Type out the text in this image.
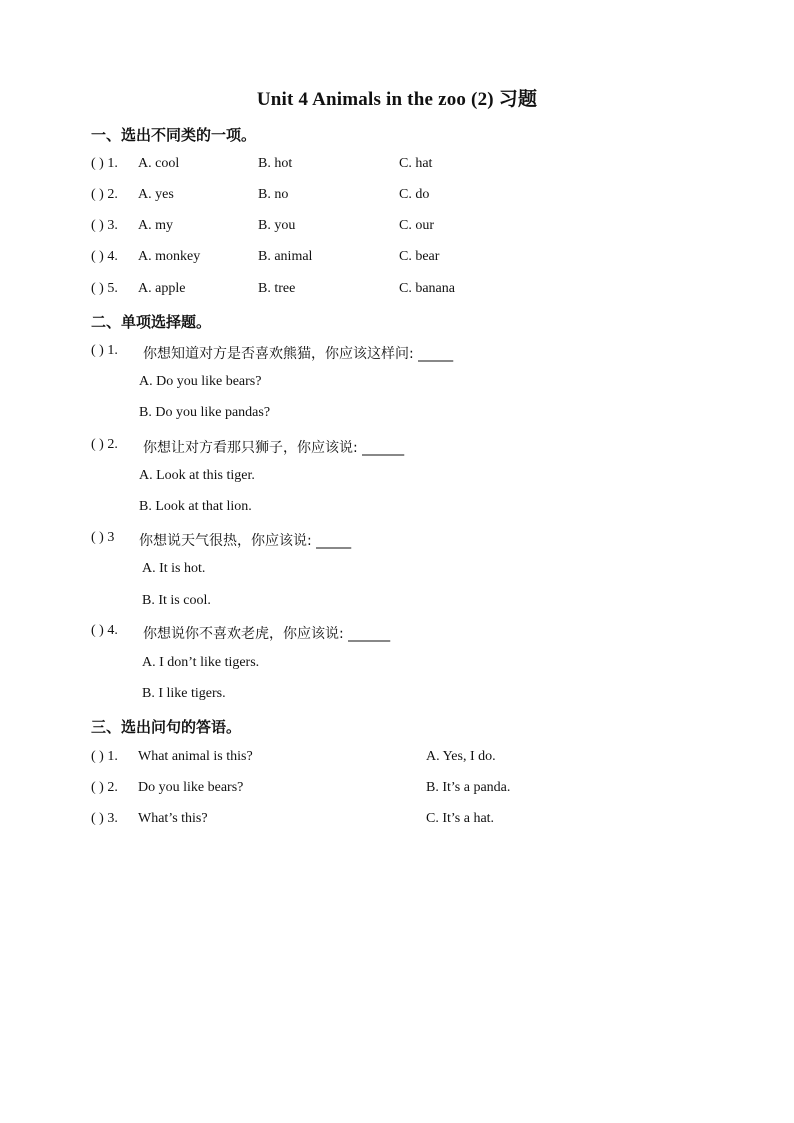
Unit 4 Animals in the zoo (2) 习题
一、选出不同类的一项。
( ) 1. A. cool	B. hot	C. hat
( ) 2. A. yes	B. no	C. do
( ) 3. A. my	B. you	C. our
( ) 4. A. monkey	B. animal	C. bear
( ) 5. A. apple	B. tree	C. banana
二、单项选择题。
( ) 1. 你想知道对方是否喜欢熊猫，你应该这样问: _____
A. Do you like bears?
B. Do you like pandas?
( ) 2. 你想让对方看那只狮子，你应该说: ______
A. Look at this tiger.
B. Look at that lion.
( ) 3 你想说天气很热，你应该说: _____
A. It is hot.
B. It is cool.
( ) 4. 你想说你不喜欢老虎，你应该说: ______
A. I don’t like tigers.
B. I like tigers.
三、选出问句的答语。
( ) 1. What animal is this?	A. Yes, I do.
( ) 2. Do you like bears?	B. It’s a panda.
( ) 3. What’s this?	C. It’s a hat.
